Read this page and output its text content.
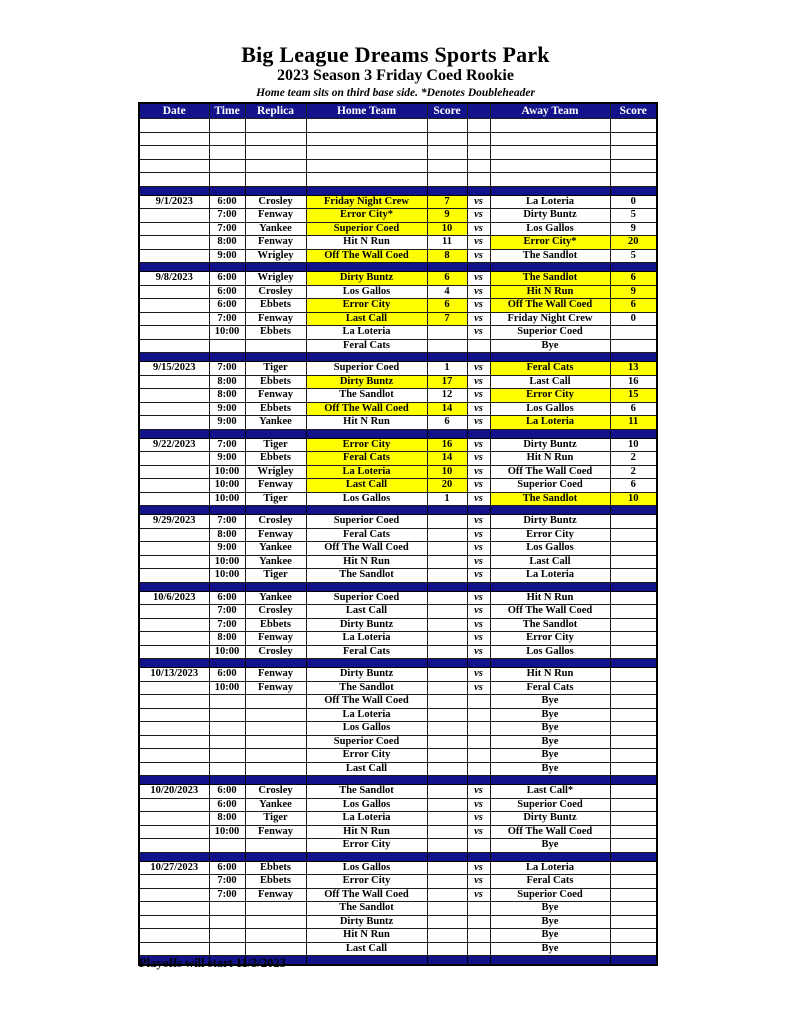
Big League Dreams Sports Park
2023 Season 3 Friday Coed Rookie
Home team sits on third base side. *Denotes Doubleheader
Date	Time	Replica	Home Team	Score		Away Team	Score

9/1/2023	6:00	Crosley	Friday Night Crew	7	vs	La Loteria	0
	7:00	Fenway	Error City*	9	vs	Dirty Buntz	5
	7:00	Yankee	Superior Coed	10	vs	Los Gallos	9
	8:00	Fenway	Hit N Run	11	vs	Error City*	20
	9:00	Wrigley	Off The Wall Coed	8	vs	The Sandlot	5

9/8/2023	6:00	Wrigley	Dirty Buntz	6	vs	The Sandlot	6
	6:00	Crosley	Los Gallos	4	vs	Hit N Run	9
	6:00	Ebbets	Error City	6	vs	Off The Wall Coed	6
	7:00	Fenway	Last Call	7	vs	Friday Night Crew	0
	10:00	Ebbets	La Loteria		vs	Superior Coed	
			Feral Cats			Bye	

9/15/2023	7:00	Tiger	Superior Coed	1	vs	Feral Cats	13
	8:00	Ebbets	Dirty Buntz	17	vs	Last Call	16
	8:00	Fenway	The Sandlot	12	vs	Error City	15
	9:00	Ebbets	Off The Wall Coed	14	vs	Los Gallos	6
	9:00	Yankee	Hit N Run	6	vs	La Loteria	11

9/22/2023	7:00	Tiger	Error City	16	vs	Dirty Buntz	10
	9:00	Ebbets	Feral Cats	14	vs	Hit N Run	2
	10:00	Wrigley	La Loteria	10	vs	Off The Wall Coed	2
	10:00	Fenway	Last Call	20	vs	Superior Coed	6
	10:00	Tiger	Los Gallos	1	vs	The Sandlot	10

9/29/2023	7:00	Crosley	Superior Coed		vs	Dirty Buntz	
	8:00	Fenway	Feral Cats		vs	Error City	
	9:00	Yankee	Off The Wall Coed		vs	Los Gallos	
	10:00	Yankee	Hit N Run		vs	Last Call	
	10:00	Tiger	The Sandlot		vs	La Loteria	

10/6/2023	6:00	Yankee	Superior Coed		vs	Hit N Run	
	7:00	Crosley	Last Call		vs	Off The Wall Coed	
	7:00	Ebbets	Dirty Buntz		vs	The Sandlot	
	8:00	Fenway	La Loteria		vs	Error City	
	10:00	Crosley	Feral Cats		vs	Los Gallos	

10/13/2023	6:00	Fenway	Dirty Buntz		vs	Hit N Run	
	10:00	Fenway	The Sandlot		vs	Feral Cats	
			Off The Wall Coed			Bye	
			La Loteria			Bye	
			Los Gallos			Bye	
			Superior Coed			Bye	
			Error City			Bye	
			Last Call			Bye	

10/20/2023	6:00	Crosley	The Sandlot		vs	Last Call*	
	6:00	Yankee	Los Gallos		vs	Superior Coed	
	8:00	Tiger	La Loteria		vs	Dirty Buntz	
	10:00	Fenway	Hit N Run		vs	Off The Wall Coed	
			Error City			Bye	

10/27/2023	6:00	Ebbets	Los Gallos		vs	La Loteria	
	7:00	Ebbets	Error City		vs	Feral Cats	
	7:00	Fenway	Off The Wall Coed		vs	Superior Coed	
			The Sandlot			Bye	
			Dirty Buntz			Bye	
			Hit N Run			Bye	
			Last Call			Bye	

Playoffs will start 11/3/2023
